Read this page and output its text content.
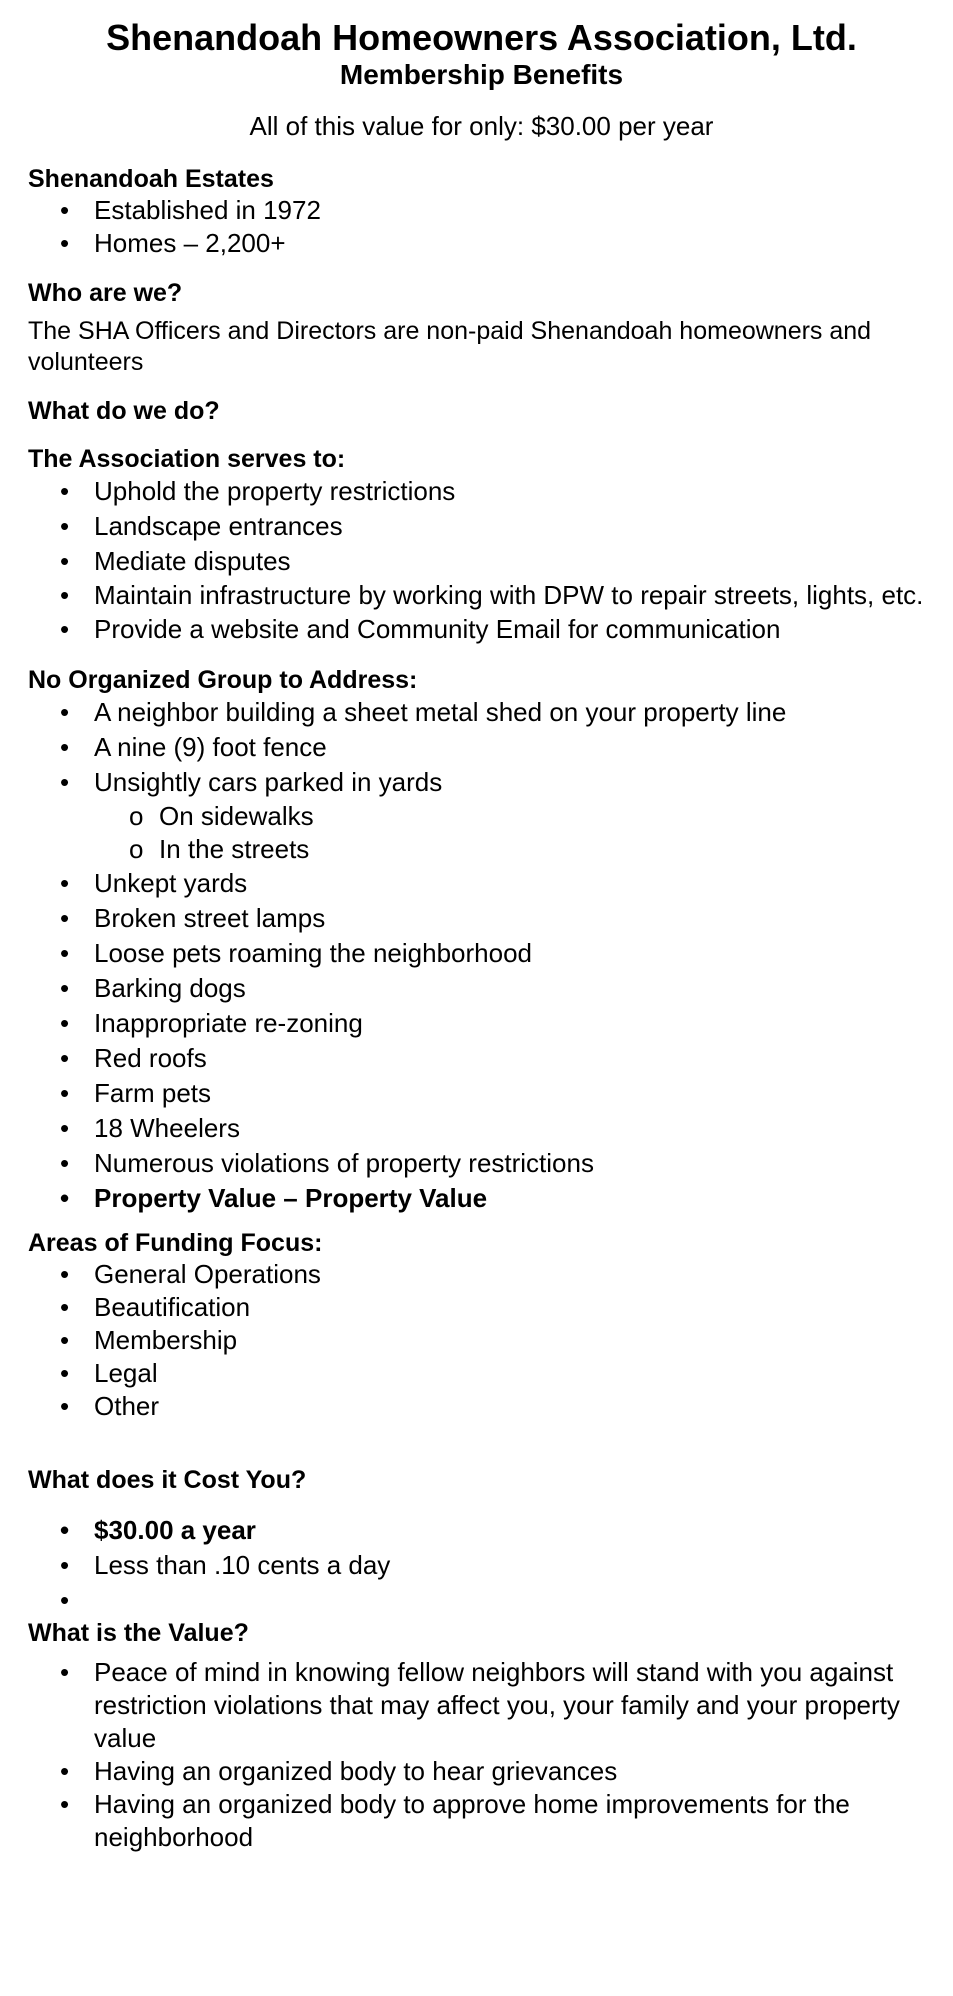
Shenandoah Homeowners Association, Ltd.
Membership Benefits
All of this value for only: $30.00 per year
Shenandoah Estates
• Established in 1972
• Homes – 2,200+
Who are we?

The SHA Officers and Directors are non-paid Shenandoah homeowners and volunteers

What do we do?
The Association serves to:
• Uphold the property restrictions
• Landscape entrances
• Mediate disputes
• Maintain infrastructure by working with DPW to repair streets, lights, etc.
• Provide a website and Community Email for communication
No Organized Group to Address:
• A neighbor building a sheet metal shed on your property line
• A nine (9) foot fence
• Unsightly cars parked in yards
o On sidewalks
o In the streets
• Unkept yards
• Broken street lamps
• Loose pets roaming the neighborhood
• Barking dogs
• Inappropriate re-zoning
• Red roofs
• Farm pets
• 18 Wheelers
• Numerous violations of property restrictions
• Property Value – Property Value
Areas of Funding Focus:
• General Operations
• Beautification
• Membership
• Legal
• Other
What does it Cost You?
• $30.00 a year
• Less than .10 cents a day
•
What is the Value?
• Peace of mind in knowing fellow neighbors will stand with you against restriction violations that may affect you, your family and your property value
• Having an organized body to hear grievances
• Having an organized body to approve home improvements for the neighborhood
